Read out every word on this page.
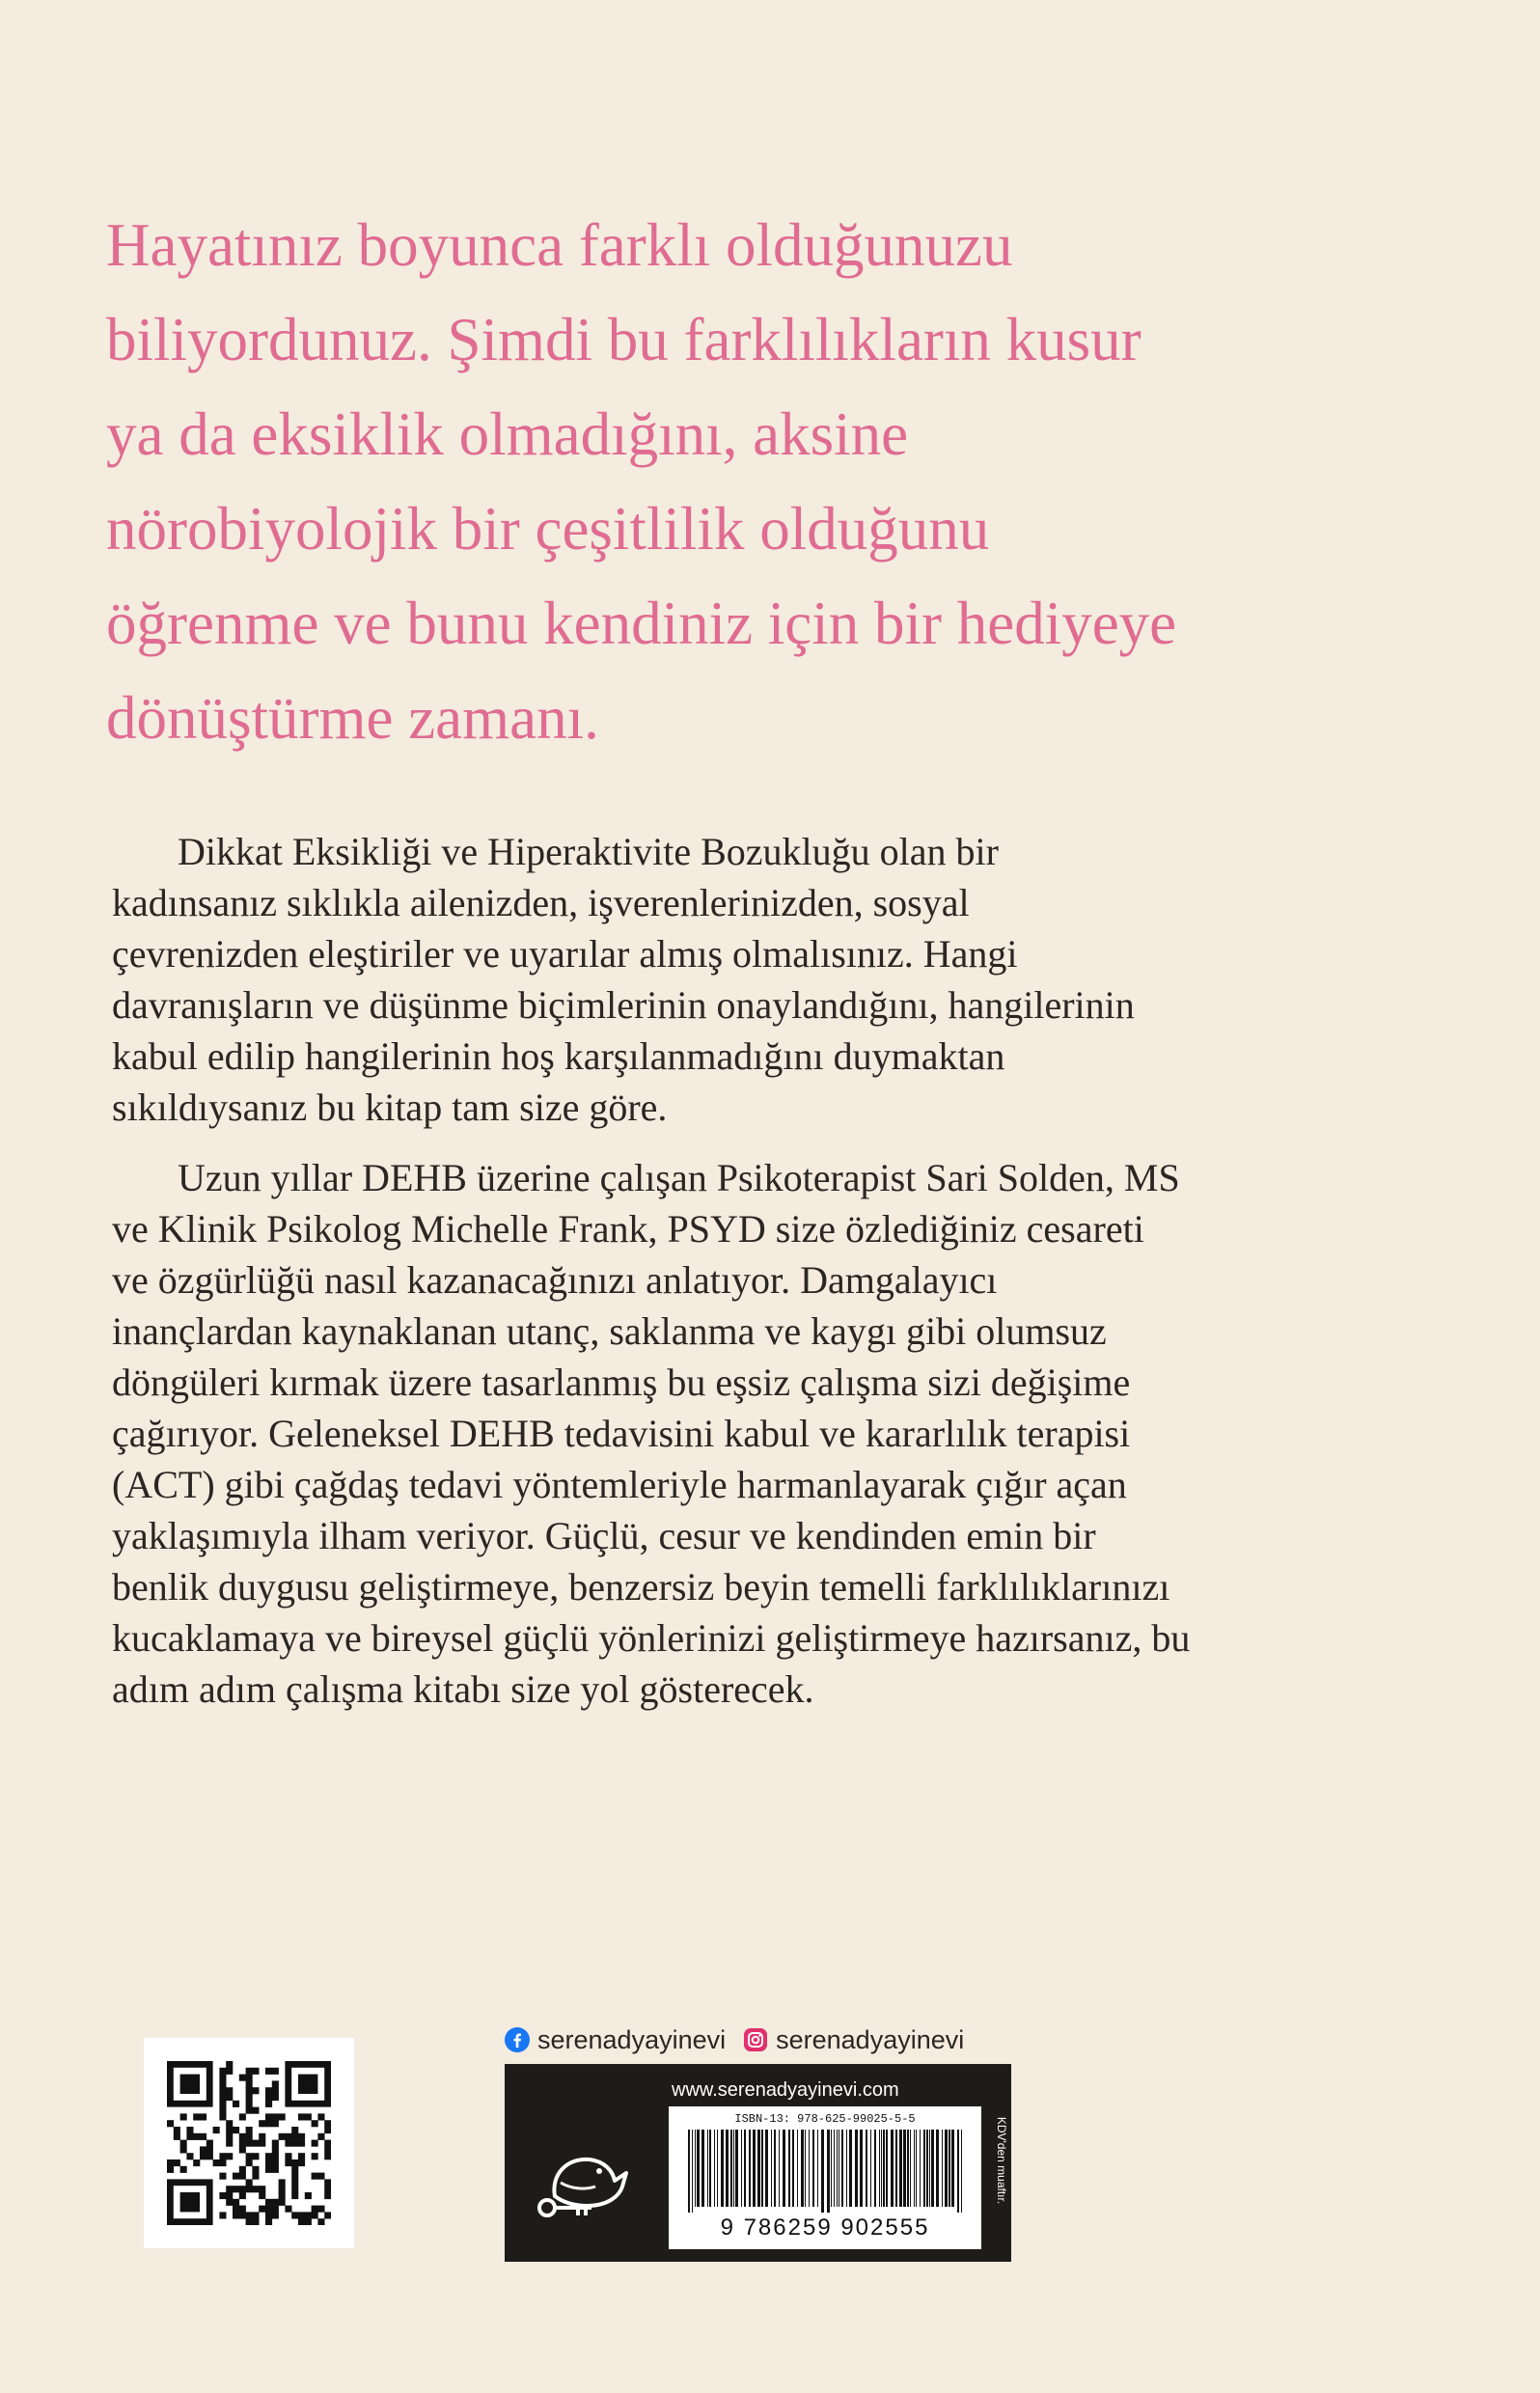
Hayatınız boyunca farklı olduğunuzu
biliyordunuz. Şimdi bu farklılıkların kusur
ya da eksiklik olmadığını, aksine
nörobiyolojik bir çeşitlilik olduğunu
öğrenme ve bunu kendiniz için bir hediyeye
dönüştürme zamanı.

Dikkat Eksikliği ve Hiperaktivite Bozukluğu olan bir
kadınsanız sıklıkla ailenizden, işverenlerinizden, sosyal
çevrenizden eleştiriler ve uyarılar almış olmalısınız. Hangi
davranışların ve düşünme biçimlerinin onaylandığını, hangilerinin
kabul edilip hangilerinin hoş karşılanmadığını duymaktan
sıkıldıysanız bu kitap tam size göre.

Uzun yıllar DEHB üzerine çalışan Psikoterapist Sari Solden, MS
ve Klinik Psikolog Michelle Frank, PSYD size özlediğiniz cesareti
ve özgürlüğü nasıl kazanacağınızı anlatıyor. Damgalayıcı
inançlardan kaynaklanan utanç, saklanma ve kaygı gibi olumsuz
döngüleri kırmak üzere tasarlanmış bu eşsiz çalışma sizi değişime
çağırıyor. Geleneksel DEHB tedavisini kabul ve kararlılık terapisi
(ACT) gibi çağdaş tedavi yöntemleriyle harmanlayarak çığır açan
yaklaşımıyla ilham veriyor. Güçlü, cesur ve kendinden emin bir
benlik duygusu geliştirmeye, benzersiz beyin temelli farklılıklarınızı
kucaklamaya ve bireysel güçlü yönlerinizi geliştirmeye hazırsanız, bu
adım adım çalışma kitabı size yol gösterecek.

serenadyayinevi serenadyayinevi
www.serenadyayinevi.com
ISBN-13: 978-625-99025-5-5
9 786259 902555
KDV'den muaftır.
